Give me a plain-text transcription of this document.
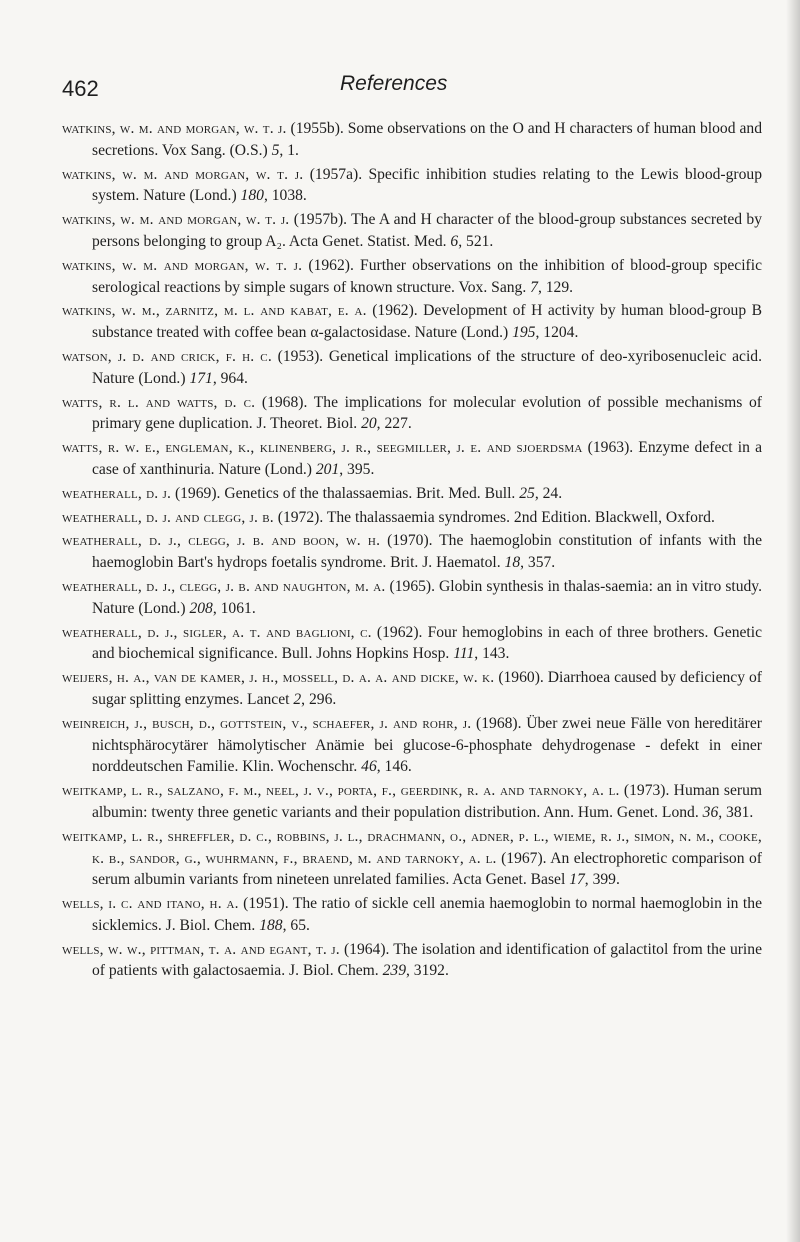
462	References

watkins, w. m. and morgan, w. t. j. (1955b). Some observations on the O and H characters of human blood and secretions. Vox Sang. (O.S.) 5, 1.

watkins, w. m. and morgan, w. t. j. (1957a). Specific inhibition studies relating to the Lewis blood-group system. Nature (Lond.) 180, 1038.

watkins, w. m. and morgan, w. t. j. (1957b). The A and H character of the blood-group substances secreted by persons belonging to group A₂. Acta Genet. Statist. Med. 6, 521.

watkins, w. m. and morgan, w. t. j. (1962). Further observations on the inhibition of blood-group specific serological reactions by simple sugars of known structure. Vox. Sang. 7, 129.

watkins, w. m., zarnitz, m. l. and kabat, e. a. (1962). Development of H activity by human blood-group B substance treated with coffee bean α-galactosidase. Nature (Lond.) 195, 1204.

watson, j. d. and crick, f. h. c. (1953). Genetical implications of the structure of deo-xyribosenucleic acid. Nature (Lond.) 171, 964.

watts, r. l. and watts, d. c. (1968). The implications for molecular evolution of possible mechanisms of primary gene duplication. J. Theoret. Biol. 20, 227.

watts, r. w. e., engleman, k., klinenberg, j. r., seegmiller, j. e. and sjoerdsma (1963). Enzyme defect in a case of xanthinuria. Nature (Lond.) 201, 395.

weatherall, d. j. (1969). Genetics of the thalassaemias. Brit. Med. Bull. 25, 24.

weatherall, d. j. and clegg, j. b. (1972). The thalassaemia syndromes. 2nd Edition. Blackwell, Oxford.

weatherall, d. j., clegg, j. b. and boon, w. h. (1970). The haemoglobin constitution of infants with the haemoglobin Bart's hydrops foetalis syndrome. Brit. J. Haematol. 18, 357.

weatherall, d. j., clegg, j. b. and naughton, m. a. (1965). Globin synthesis in thalas-saemia: an in vitro study. Nature (Lond.) 208, 1061.

weatherall, d. j., sigler, a. t. and baglioni, c. (1962). Four hemoglobins in each of three brothers. Genetic and biochemical significance. Bull. Johns Hopkins Hosp. 111, 143.

weijers, h. a., van de kamer, j. h., mossell, d. a. a. and dicke, w. k. (1960). Diarrhoea caused by deficiency of sugar splitting enzymes. Lancet 2, 296.

weinreich, j., busch, d., gottstein, v., schaefer, j. and rohr, j. (1968). Über zwei neue Fälle von hereditärer nichtsphärocytärer hämolytischer Anämie bei glucose-6-phosphate dehydrogenase - defekt in einer norddeutschen Familie. Klin. Wochenschr. 46, 146.

weitkamp, l. r., salzano, f. m., neel, j. v., porta, f., geerdink, r. a. and tarnoky, a. l. (1973). Human serum albumin: twenty three genetic variants and their population distribution. Ann. Hum. Genet. Lond. 36, 381.

weitkamp, l. r., shreffler, d. c., robbins, j. l., drachmann, o., adner, p. l., wieme, r. j., simon, n. m., cooke, k. b., sandor, g., wuhrmann, f., braend, m. and tarnoky, a. l. (1967). An electrophoretic comparison of serum albumin variants from nineteen unrelated families. Acta Genet. Basel 17, 399.

wells, i. c. and itano, h. a. (1951). The ratio of sickle cell anemia haemoglobin to normal haemoglobin in the sicklemics. J. Biol. Chem. 188, 65.

wells, w. w., pittman, t. a. and egant, t. j. (1964). The isolation and identification of galactitol from the urine of patients with galactosaemia. J. Biol. Chem. 239, 3192.
